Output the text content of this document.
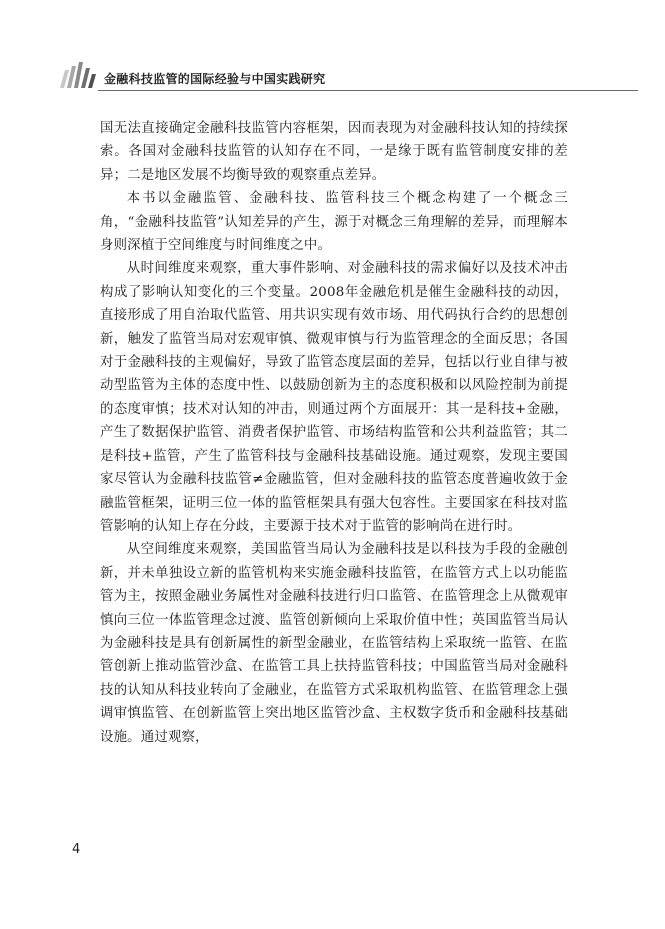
金融科技监管的国际经验与中国实践研究

国无法直接确定金融科技监管内容框架，因而表现为对金融科技认知的持续探索。各国对金融科技监管的认知存在不同，一是缘于既有监管制度安排的差异；二是地区发展不均衡导致的观察重点差异。

本书以金融监管、金融科技、监管科技三个概念构建了一个概念三角，“金融科技监管”认知差异的产生，源于对概念三角理解的差异，而理解本身则深植于空间维度与时间维度之中。

从时间维度来观察，重大事件影响、对金融科技的需求偏好以及技术冲击构成了影响认知变化的三个变量。2008年金融危机是催生金融科技的动因，直接形成了用自治取代监管、用共识实现有效市场、用代码执行合约的思想创新，触发了监管当局对宏观审慎、微观审慎与行为监管理念的全面反思；各国对于金融科技的主观偏好，导致了监管态度层面的差异，包括以行业自律与被动型监管为主体的态度中性、以鼓励创新为主的态度积极和以风险控制为前提的态度审慎；技术对认知的冲击，则通过两个方面展开：其一是科技+金融，产生了数据保护监管、消费者保护监管、市场结构监管和公共利益监管；其二是科技+监管，产生了监管科技与金融科技基础设施。通过观察，发现主要国家尽管认为金融科技监管≠金融监管，但对金融科技的监管态度普遍收敛于金融监管框架，证明三位一体的监管框架具有强大包容性。主要国家在科技对监管影响的认知上存在分歧，主要源于技术对于监管的影响尚在进行时。

从空间维度来观察，美国监管当局认为金融科技是以科技为手段的金融创新，并未单独设立新的监管机构来实施金融科技监管，在监管方式上以功能监管为主，按照金融业务属性对金融科技进行归口监管、在监管理念上从微观审慎向三位一体监管理念过渡、监管创新倾向上采取价值中性；英国监管当局认为金融科技是具有创新属性的新型金融业，在监管结构上采取统一监管、在监管创新上推动监管沙盒、在监管工具上扶持监管科技；中国监管当局对金融科技的认知从科技业转向了金融业，在监管方式采取机构监管、在监管理念上强调审慎监管、在创新监管上突出地区监管沙盒、主权数字货币和金融科技基础设施。通过观察，

4
